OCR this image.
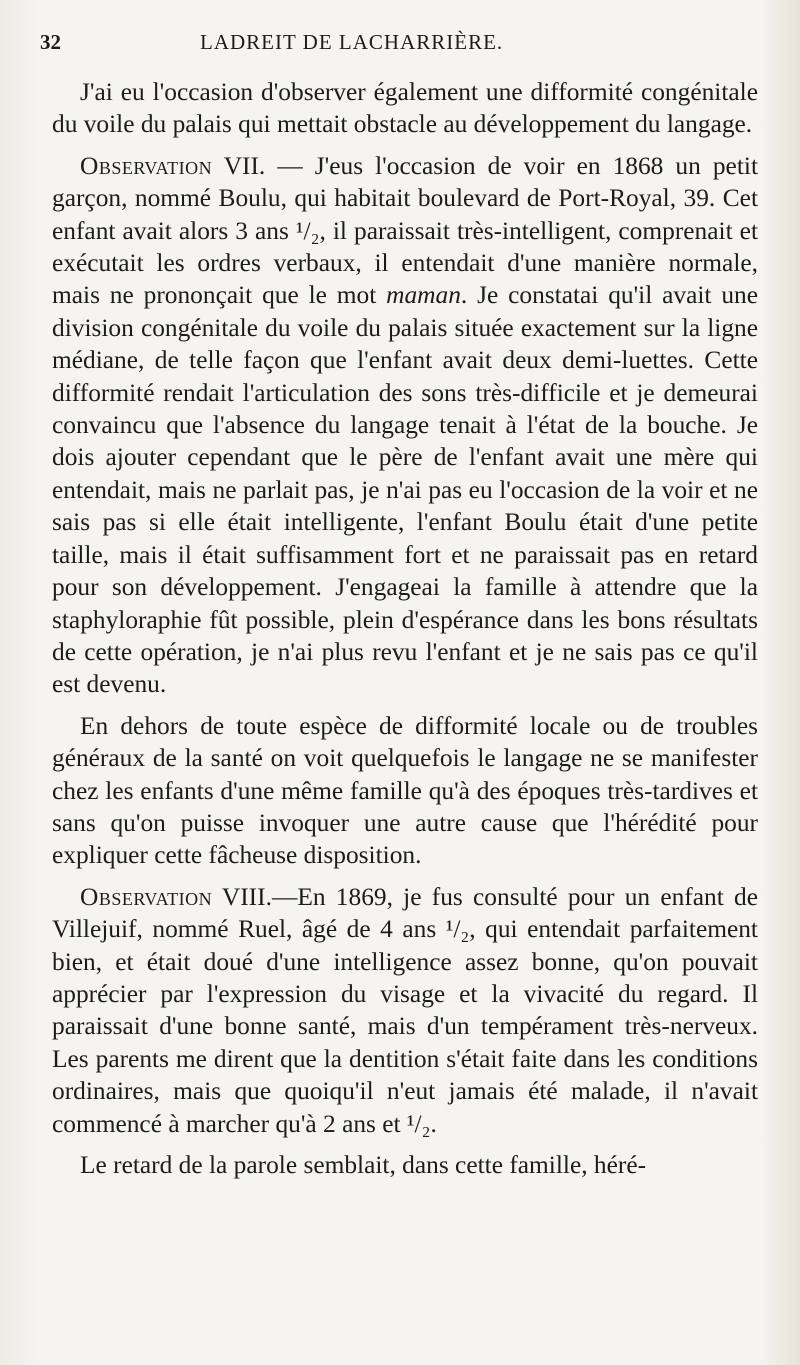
32	LADREIT DE LACHARRIÈRE.

J'ai eu l'occasion d'observer également une difformité congénitale du voile du palais qui mettait obstacle au développement du langage.

Observation VII. — J'eus l'occasion de voir en 1868 un petit garçon, nommé Boulu, qui habitait boulevard de Port-Royal, 39. Cet enfant avait alors 3 ans ¹/₂, il paraissait très-intelligent, comprenait et exécutait les ordres verbaux, il entendait d'une manière normale, mais ne prononçait que le mot maman. Je constatai qu'il avait une division congénitale du voile du palais située exactement sur la ligne médiane, de telle façon que l'enfant avait deux demi-luettes. Cette difformité rendait l'articulation des sons très-difficile et je demeurai convaincu que l'absence du langage tenait à l'état de la bouche. Je dois ajouter cependant que le père de l'enfant avait une mère qui entendait, mais ne parlait pas, je n'ai pas eu l'occasion de la voir et ne sais pas si elle était intelligente, l'enfant Boulu était d'une petite taille, mais il était suffisamment fort et ne paraissait pas en retard pour son développement. J'engageai la famille à attendre que la staphyloraphie fût possible, plein d'espérance dans les bons résultats de cette opération, je n'ai plus revu l'enfant et je ne sais pas ce qu'il est devenu.

En dehors de toute espèce de difformité locale ou de troubles généraux de la santé on voit quelquefois le langage ne se manifester chez les enfants d'une même famille qu'à des époques très-tardives et sans qu'on puisse invoquer une autre cause que l'hérédité pour expliquer cette fâcheuse disposition.

Observation VIII.—En 1869, je fus consulté pour un enfant de Villejuif, nommé Ruel, âgé de 4 ans ¹/₂, qui entendait parfaitement bien, et était doué d'une intelligence assez bonne, qu'on pouvait apprécier par l'expression du visage et la vivacité du regard. Il paraissait d'une bonne santé, mais d'un tempérament très-nerveux. Les parents me dirent que la dentition s'était faite dans les conditions ordinaires, mais que quoiqu'il n'eut jamais été malade, il n'avait commencé à marcher qu'à 2 ans et ¹/₂.

Le retard de la parole semblait, dans cette famille, héré-
